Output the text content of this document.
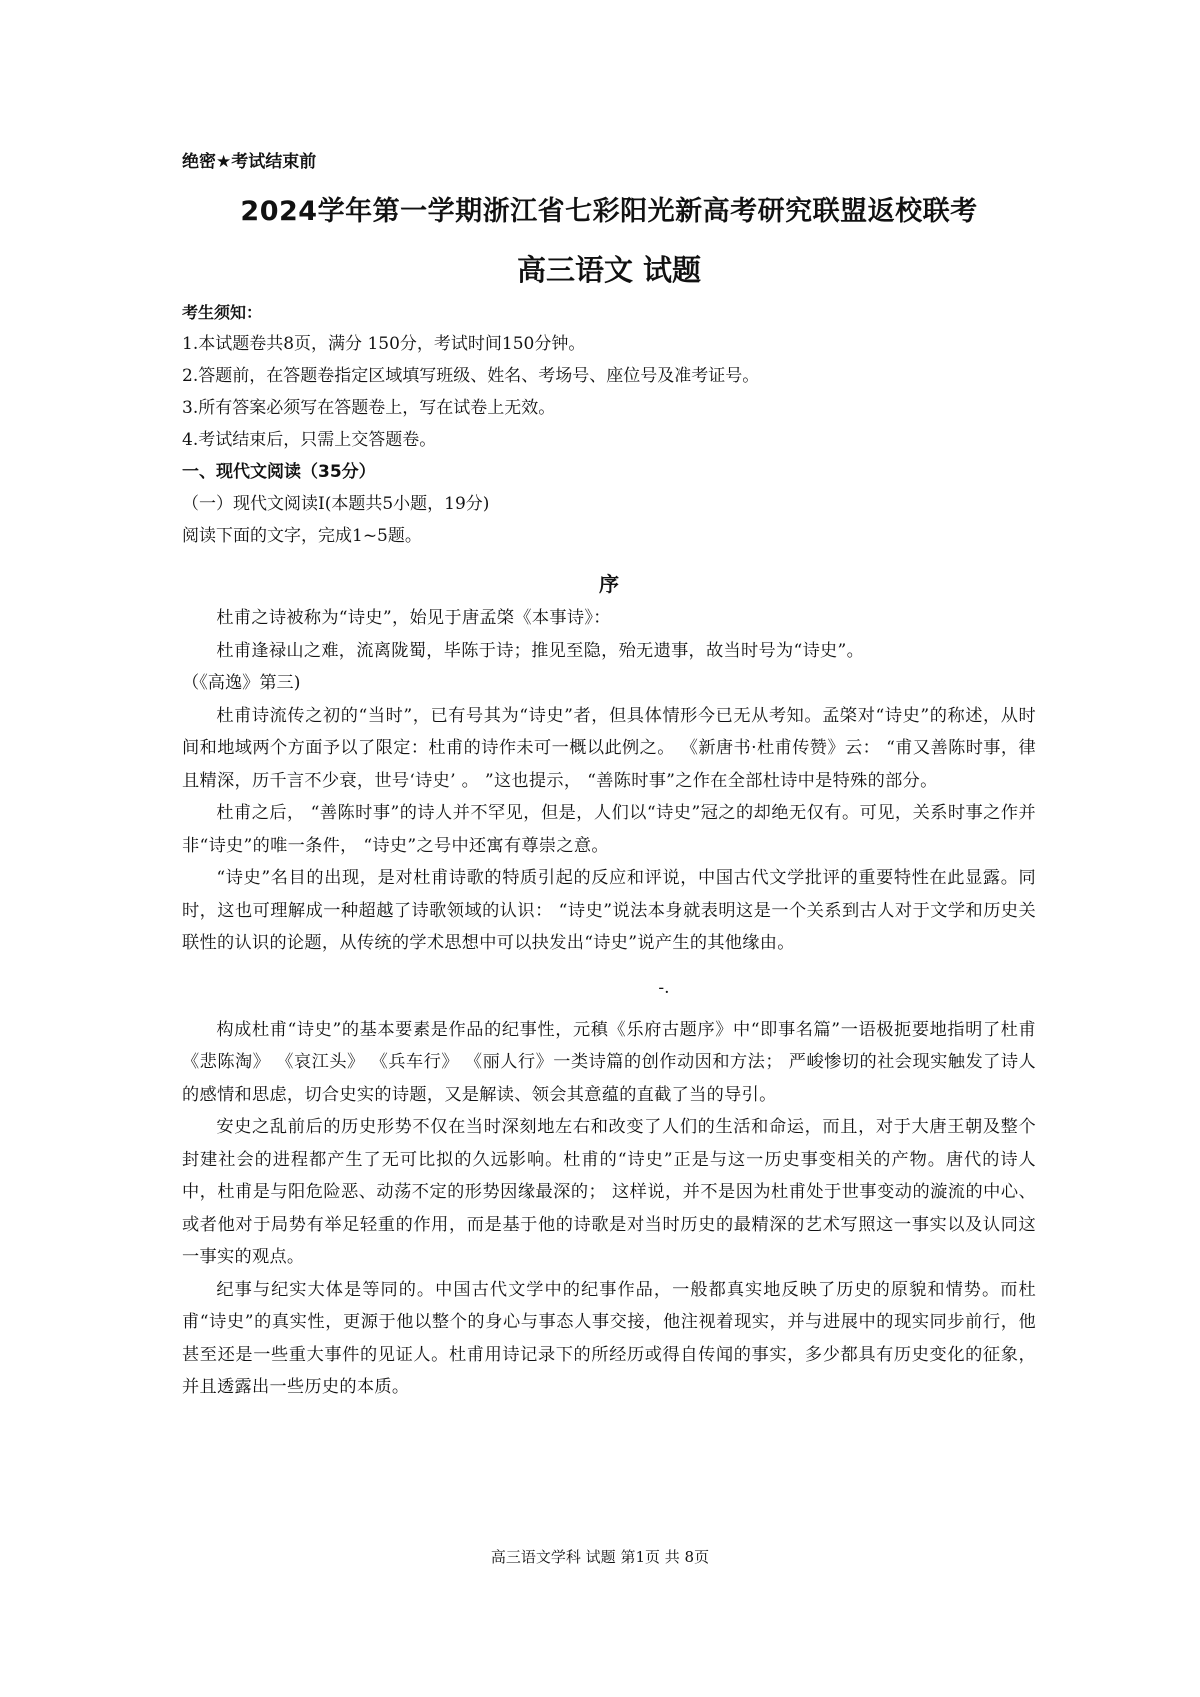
绝密★考试结束前

2024学年第一学期浙江省七彩阳光新高考研究联盟返校联考
高三语文 试题

考生须知：

1.本试题卷共8页，满分 150分，考试时间150分钟。

2.答题前，在答题卷指定区域填写班级、姓名、考场号、座位号及准考证号。

3.所有答案必须写在答题卷上，写在试卷上无效。

4.考试结束后，只需上交答题卷。

一、现代文阅读（35分）

（一）现代文阅读Ⅰ(本题共5小题，19分)

阅读下面的文字，完成1~5题。

序

杜甫之诗被称为“诗史”，始见于唐孟棨《本事诗》：

杜甫逢禄山之难，流离陇蜀，毕陈于诗；推见至隐，殆无遗事，故当时号为“诗史”。

（《高逸》第三)

杜甫诗流传之初的“当时”，已有号其为“诗史”者，但具体情形今已无从考知。孟棨对“诗史”的称述，从时间和地域两个方面予以了限定：杜甫的诗作未可一概以此例之。 《新唐书·杜甫传赞》云： “甫又善陈时事，律且精深，历千言不少衰，世号‘诗史’ 。 ”这也提示， “善陈时事”之作在全部杜诗中是特殊的部分。

杜甫之后， “善陈时事”的诗人并不罕见，但是，人们以“诗史”冠之的却绝无仅有。可见，关系时事之作并非“诗史”的唯一条件， “诗史”之号中还寓有尊崇之意。

“诗史”名目的出现，是对杜甫诗歌的特质引起的反应和评说，中国古代文学批评的重要特性在此显露。同时，这也可理解成一种超越了诗歌领域的认识： “诗史”说法本身就表明这是一个关系到古人对于文学和历史关联性的认识的论题，从传统的学术思想中可以抉发出“诗史”说产生的其他缘由。

-.

构成杜甫“诗史”的基本要素是作品的纪事性，元稹《乐府古题序》中“即事名篇”一语极扼要地指明了杜甫《悲陈淘》 《哀江头》 《兵车行》 《丽人行》一类诗篇的创作动因和方法； 严峻惨切的社会现实触发了诗人的感情和思虑，切合史实的诗题，又是解读、领会其意蕴的直截了当的导引。

安史之乱前后的历史形势不仅在当时深刻地左右和改变了人们的生活和命运，而且，对于大唐王朝及整个封建社会的进程都产生了无可比拟的久远影响。杜甫的“诗史”正是与这一历史事变相关的产物。唐代的诗人中，杜甫是与阳危险恶、动荡不定的形势因缘最深的； 这样说，并不是因为杜甫处于世事变动的漩流的中心、或者他对于局势有举足轻重的作用，而是基于他的诗歌是对当时历史的最精深的艺术写照这一事实以及认同这一事实的观点。

纪事与纪实大体是等同的。中国古代文学中的纪事作品，一般都真实地反映了历史的原貌和情势。而杜甫“诗史”的真实性，更源于他以整个的身心与事态人事交接，他注视着现实，并与进展中的现实同步前行，他甚至还是一些重大事件的见证人。杜甫用诗记录下的所经历或得自传闻的事实，多少都具有历史变化的征象，并且透露出一些历史的本质。

高三语文学科 试题 第1页 共 8页
